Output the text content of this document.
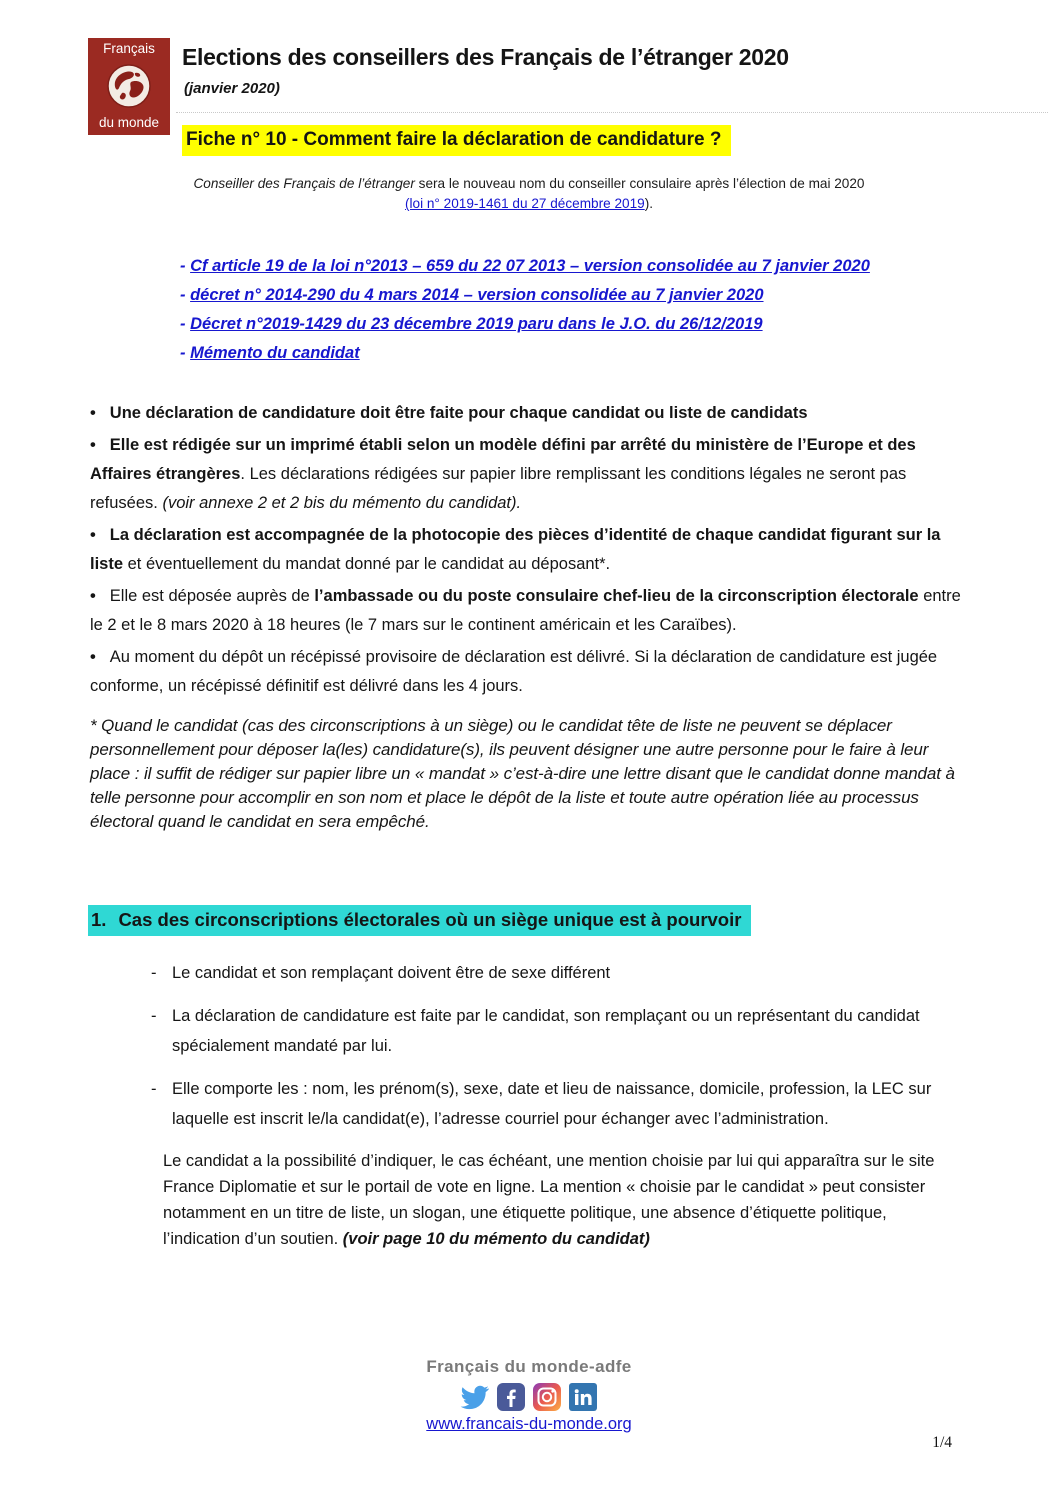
Français
du monde
Elections des conseillers des Français de l’étranger 2020
(janvier 2020)
Fiche n° 10 - Comment faire la déclaration de candidature ?
Conseiller des Français de l’étranger sera le nouveau nom du conseiller consulaire après l’élection de mai 2020
(loi n° 2019-1461 du 27 décembre 2019).
- Cf article 19 de la loi n°2013 – 659 du 22 07 2013 – version consolidée au 7 janvier 2020
- décret n° 2014-290 du 4 mars 2014 – version consolidée au 7 janvier 2020
- Décret n°2019-1429 du 23 décembre 2019 paru dans le J.O. du 26/12/2019
- Mémento du candidat

• Une déclaration de candidature doit être faite pour chaque candidat ou liste de candidats

• Elle est rédigée sur un imprimé établi selon un modèle défini par arrêté du ministère de l’Europe et des Affaires étrangères. Les déclarations rédigées sur papier libre remplissant les conditions légales ne seront pas refusées. (voir annexe 2 et 2 bis du mémento du candidat).

• La déclaration est accompagnée de la photocopie des pièces d’identité de chaque candidat figurant sur la liste et éventuellement du mandat donné par le candidat au déposant*.

• Elle est déposée auprès de l’ambassade ou du poste consulaire chef-lieu de la circonscription électorale entre le 2 et le 8 mars 2020 à 18 heures (le 7 mars sur le continent américain et les Caraïbes).

• Au moment du dépôt un récépissé provisoire de déclaration est délivré. Si la déclaration de candidature est jugée conforme, un récépissé définitif est délivré dans les 4 jours.

* Quand le candidat (cas des circonscriptions à un siège) ou le candidat tête de liste ne peuvent se déplacer personnellement pour déposer la(les) candidature(s), ils peuvent désigner une autre personne pour le faire à leur place : il suffit de rédiger sur papier libre un « mandat » c’est-à-dire une lettre disant que le candidat donne mandat à telle personne pour accomplir en son nom et place le dépôt de la liste et toute autre opération liée au processus électoral quand le candidat en sera empêché.
1. Cas des circonscriptions électorales où un siège unique est à pourvoir
- Le candidat et son remplaçant doivent être de sexe différent
- La déclaration de candidature est faite par le candidat, son remplaçant ou un représentant du candidat spécialement mandaté par lui.
- Elle comporte les : nom, les prénom(s), sexe, date et lieu de naissance, domicile, profession, la LEC sur laquelle est inscrit le/la candidat(e), l’adresse courriel pour échanger avec l’administration.
Le candidat a la possibilité d’indiquer, le cas échéant, une mention choisie par lui qui apparaîtra sur le site France Diplomatie et sur le portail de vote en ligne. La mention « choisie par le candidat » peut consister notamment en un titre de liste, un slogan, une étiquette politique, une absence d’étiquette politique, l’indication d’un soutien. (voir page 10 du mémento du candidat)
Français du monde-adfe
www.francais-du-monde.org
1/4
